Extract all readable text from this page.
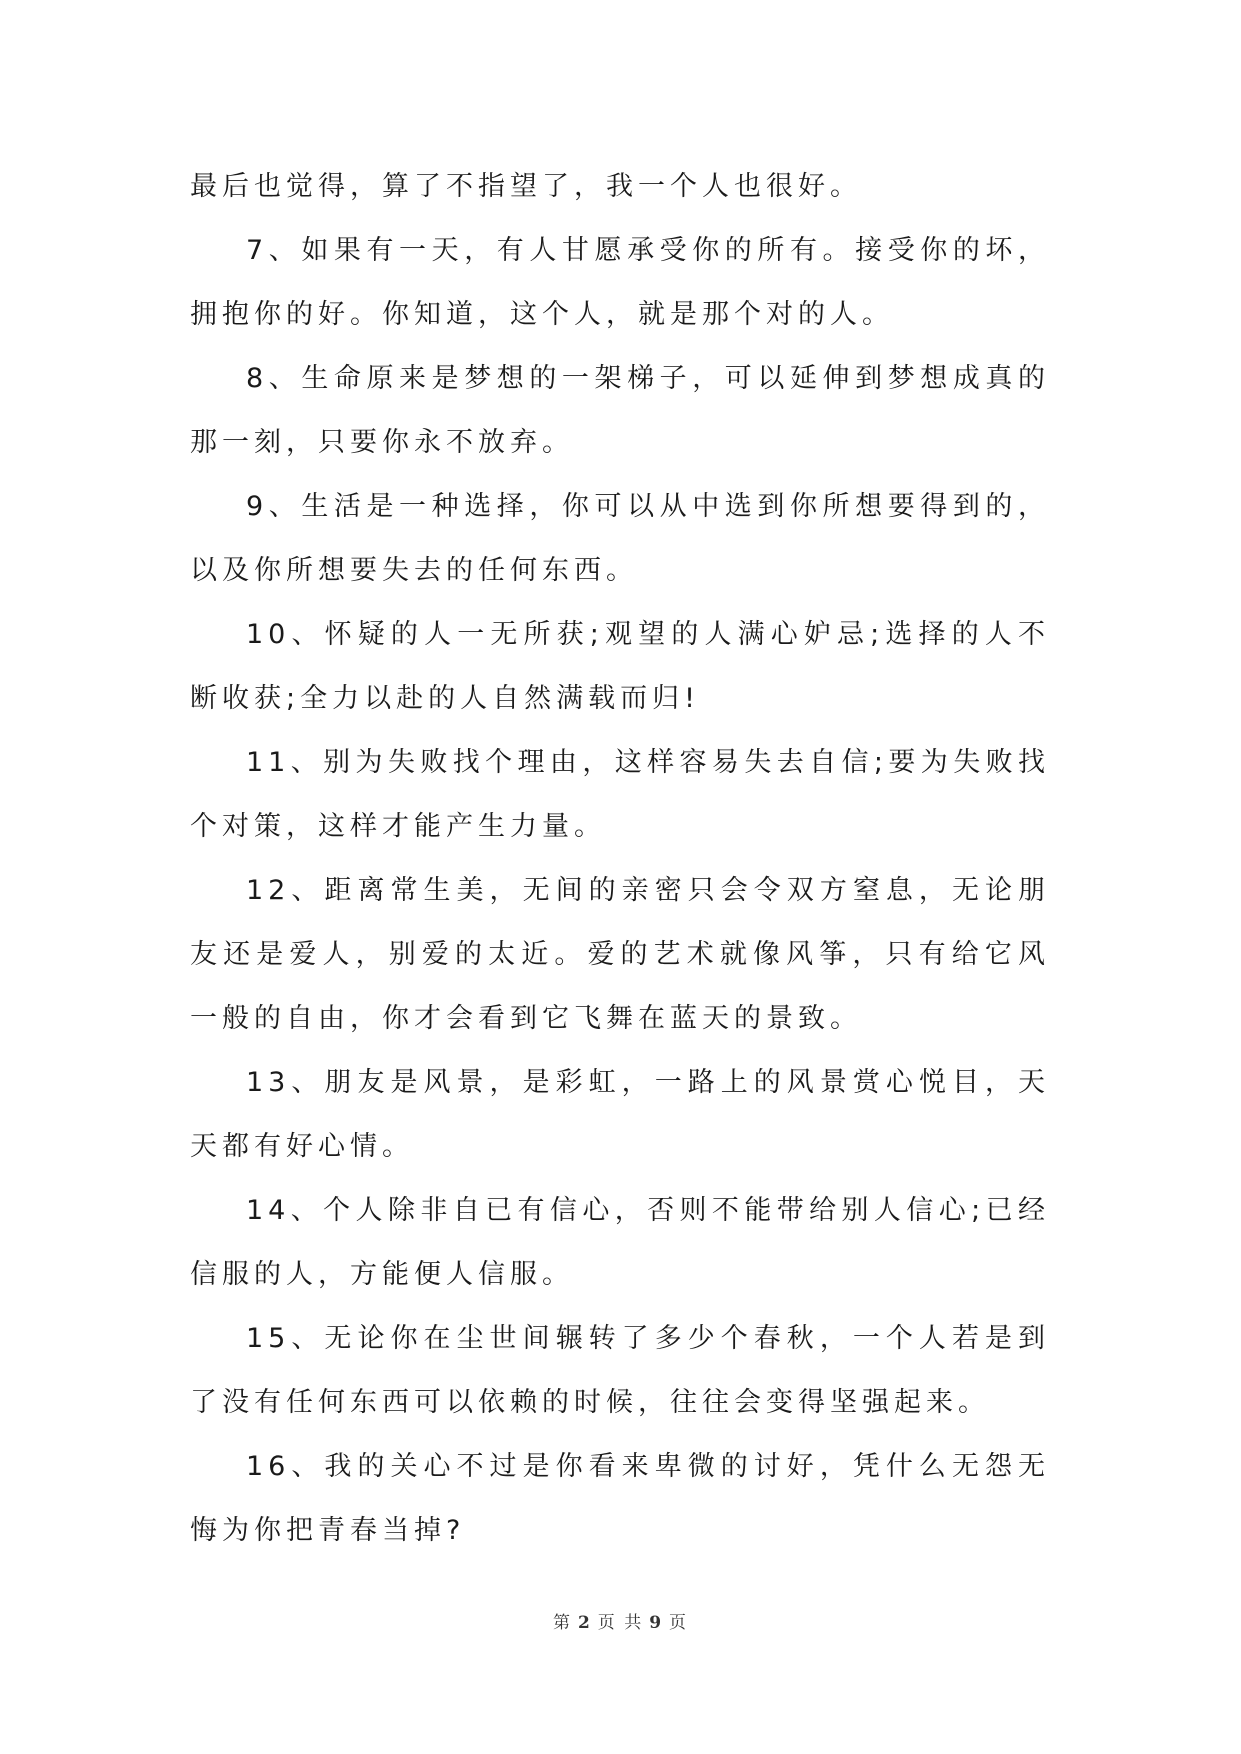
最后也觉得，算了不指望了，我一个人也很好。

7、如果有一天，有人甘愿承受你的所有。接受你的坏，拥抱你的好。你知道，这个人，就是那个对的人。

8、生命原来是梦想的一架梯子，可以延伸到梦想成真的那一刻，只要你永不放弃。

9、生活是一种选择，你可以从中选到你所想要得到的，以及你所想要失去的任何东西。

10、怀疑的人一无所获;观望的人满心妒忌;选择的人不断收获;全力以赴的人自然满载而归!

11、别为失败找个理由，这样容易失去自信;要为失败找个对策，这样才能产生力量。

12、距离常生美，无间的亲密只会令双方窒息，无论朋友还是爱人，别爱的太近。爱的艺术就像风筝，只有给它风一般的自由，你才会看到它飞舞在蓝天的景致。

13、朋友是风景，是彩虹，一路上的风景赏心悦目，天天都有好心情。

14、个人除非自已有信心，否则不能带给别人信心;已经信服的人，方能便人信服。

15、无论你在尘世间辗转了多少个春秋，一个人若是到了没有任何东西可以依赖的时候，往往会变得坚强起来。

16、我的关心不过是你看来卑微的讨好，凭什么无怨无悔为你把青春当掉?

第 2 页 共 9 页
